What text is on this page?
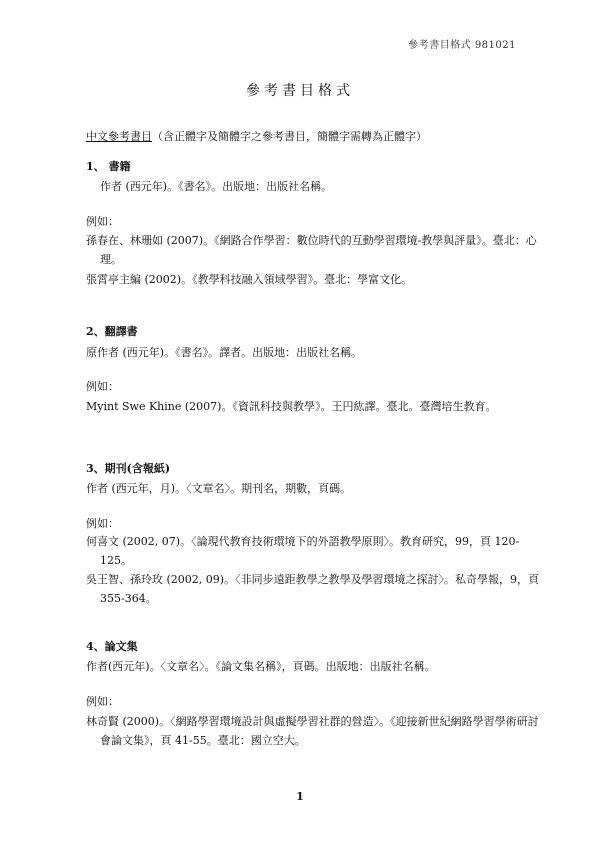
參考書目格式 981021
參考書目格式
中文參考書目（含正體字及簡體字之參考書目，簡體字需轉為正體字）
1、 書籍
作者 (西元年)。《書名》。出版地：出版社名稱。
例如：
孫春在、林珊如 (2007)。《網路合作學習：數位時代的互動學習環境-教學與評量》。臺北：心理。
張霄亭主編 (2002)。《教學科技融入領域學習》。臺北：學富文化。
2、翻譯書
原作者 (西元年)。《書名》。譯者。出版地：出版社名稱。
例如：
Myint Swe Khine (2007)。《資訊科技與教學》。王円紘譯。臺北。臺灣培生教育。
3、期刊(含報紙)
作者 (西元年，月)。〈文章名〉。期刊名，期數，頁碼。
例如：
何喜文 (2002, 07)。〈論現代教育技術環境下的外語教學原則〉。教育研究，99，頁 120-125。
吳王智、孫玲玫 (2002, 09)。〈非同步遠距教學之教學及學習環境之探討〉。私奇學報，9，頁 355-364。
4、論文集
作者(西元年)。〈文章名〉。《論文集名稱》，頁碼。出版地：出版社名稱。
例如：
林奇賢 (2000)。〈網路學習環境設計與虛擬學習社群的營造〉。《迎接新世紀網路學習學術研討會論文集》，頁 41-55。臺北：國立空大。
1
